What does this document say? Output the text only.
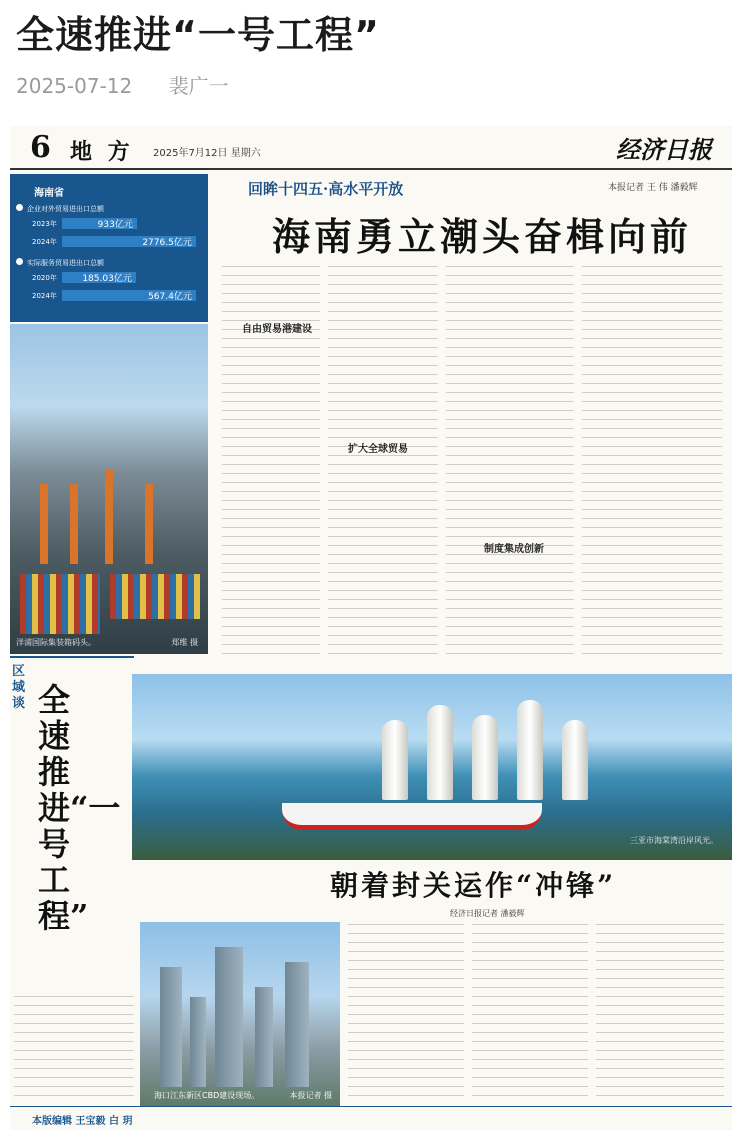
全速推进“一号工程”
2025-07-12 裴广一
6 地 方 2025年7月12日 星期六	经济日报
海南省
企业对外贸易进出口总额
2023年	933亿元
2024年	2776.5亿元
实际服务贸易进出口总额
2020年	185.03亿元
2024年	567.4亿元
洋浦国际集装箱码头。	郑维 摄
回眸十四五·高水平开放	本报记者 王 伟 潘毅辉
海南勇立潮头奋楫向前
自由贸易港建设
扩大全球贸易
制度集成创新
区域谈 全速推进“一号工程”
三亚市海棠湾沿岸风光。
朝着封关运作“冲锋”
经济日报记者 潘毅辉
海口江东新区CBD建设现场。	本报记者 摄
本版编辑 王宝毅 白 玥
